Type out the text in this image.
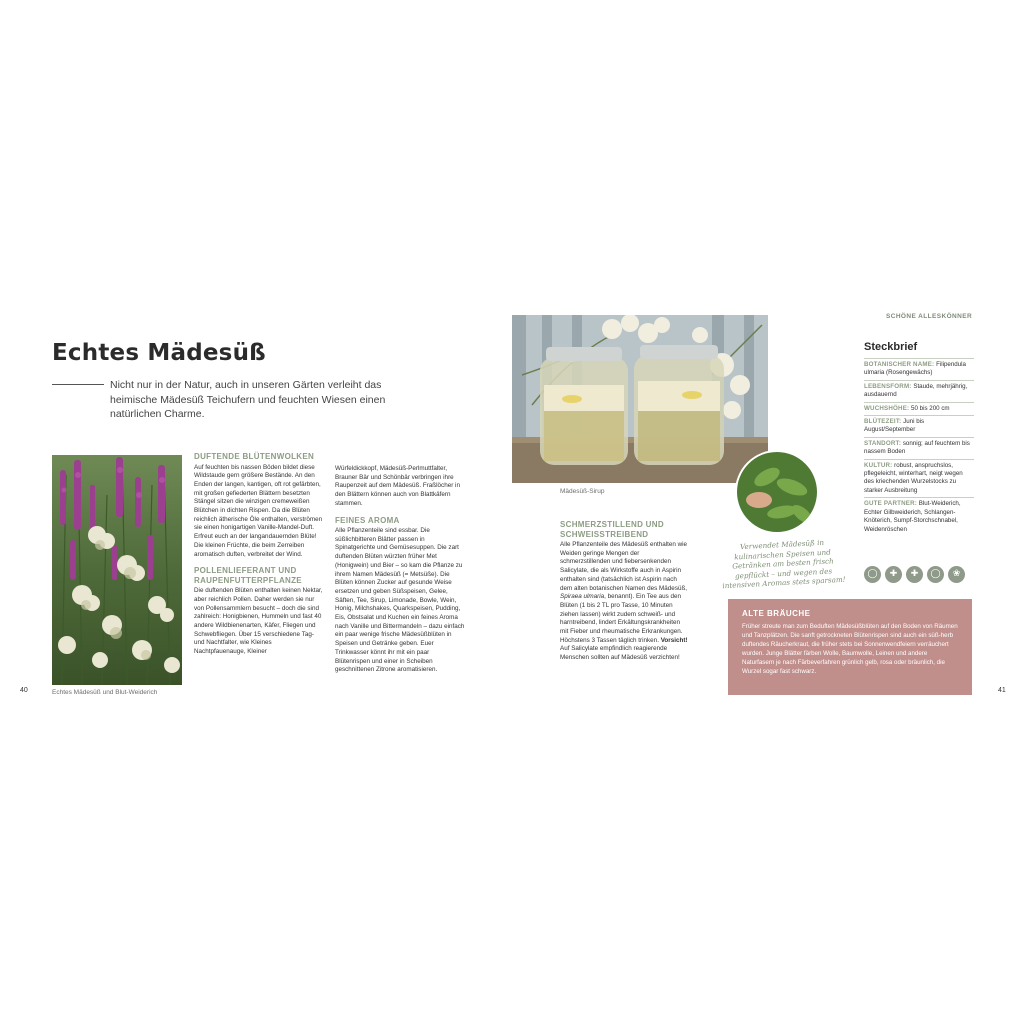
Echtes Mädesüß

Nicht nur in der Natur, auch in unseren Gärten verleiht das heimische Mädesüß Teichufern und feuchten Wiesen einen natürlichen Charme.

Echtes Mädesüß und Blut-Weiderich
DUFTENDE BLÜTENWOLKEN

Auf feuchten bis nassen Böden bildet diese Wildstaude gern größere Bestände. An den Enden der langen, kantigen, oft rot gefärbten, mit großen gefiederten Blättern besetzten Stängel sitzen die winzigen cremeweißen Blütchen in dichten Rispen. Da die Blüten reichlich ätherische Öle enthalten, verströmen sie einen honigartigen Vanille-Mandel-Duft. Erfreut euch an der langandauernden Blüte! Die kleinen Früchte, die beim Zerreiben aromatisch duften, verbreitet der Wind.

POLLENLIEFERANT UND RAUPENFUTTERPFLANZE

Die duftenden Blüten enthalten keinen Nektar, aber reichlich Pollen. Daher werden sie nur von Pollensammlern besucht – doch die sind zahlreich: Honigbienen, Hummeln und fast 40 andere Wildbienenarten, Käfer, Fliegen und Schwebfliegen. Über 15 verschiedene Tag- und Nachtfalter, wie Kleines Nachtpfauenauge, Kleiner

Würfeldickkopf, Mädesüß-Perlmuttfalter, Brauner Bär und Schönbär verbringen ihre Raupenzeit auf dem Mädesüß. Fraßlöcher in den Blättern können auch von Blattkäfern stammen.

FEINES AROMA

Alle Pflanzenteile sind essbar. Die süßlichbitteren Blätter passen in Spinatgerichte und Gemüsesuppen. Die zart duftenden Blüten würzten früher Met (Honigwein) und Bier – so kam die Pflanze zu ihrem Namen Mädesüß (= Metsüße). Die Blüten können Zucker auf gesunde Weise ersetzen und geben Süßspeisen, Gelee, Säften, Tee, Sirup, Limonade, Bowle, Wein, Honig, Milchshakes, Quarkspeisen, Pudding, Eis, Obstsalat und Kuchen ein feines Aroma nach Vanille und Bittermandeln – dazu einfach ein paar wenige frische Mädesüßblüten in Speisen und Getränke geben. Euer Trinkwasser könnt ihr mit ein paar Blütenrispen und einer in Scheiben geschnittenen Zitrone aromatisieren.

40
SCHÖNE ALLESKÖNNER
Mädesüß-Sirup
SCHMERZSTILLEND UND SCHWEISSTREIBEND

Alle Pflanzenteile des Mädesüß enthalten wie Weiden geringe Mengen der schmerzstillenden und fiebersenkenden Salicylate, die als Wirkstoffe auch in Aspirin enthalten sind (tatsächlich ist Aspirin nach dem alten botanischen Namen des Mädesüß, Spiraea ulmaria, benannt). Ein Tee aus den Blüten (1 bis 2 TL pro Tasse, 10 Minuten ziehen lassen) wirkt zudem schweiß- und harntreibend, lindert Erkältungskrankheiten mit Fieber und rheumatische Erkrankungen. Höchstens 3 Tassen täglich trinken. Vorsicht! Auf Salicylate empfindlich reagierende Menschen sollten auf Mädesüß verzichten!

Verwendet Mädesüß in kulinarischen Speisen und Getränken am besten frisch gepflückt – und wegen des intensiven Aromas stets sparsam!
Steckbrief
BOTANISCHER NAME: Filipendula ulmaria (Rosengewächs)
LEBENSFORM: Staude, mehrjährig, ausdauernd
WUCHSHÖHE: 50 bis 200 cm
BLÜTEZEIT: Juni bis August/September
STANDORT: sonnig; auf feuchtem bis nassem Boden
KULTUR: robust, anspruchslos, pflegeleicht, winterhart, neigt wegen des kriechenden Wurzelstocks zu starker Ausbreitung
GUTE PARTNER: Blut-Weiderich, Echter Gilbweiderich, Schlangen-Knöterich, Sumpf-Storchschnabel, Weidenröschen
◯	✚	✚	◯	❀
ALTE BRÄUCHE
Früher streute man zum Beduften Mädesüßblüten auf den Boden von Räumen und Tanzplätzen. Die sanft getrockneten Blütenrispen sind auch ein süß-herb duftendes Räucherkraut, die früher stets bei Sonnenwendfeiern verräuchert wurden. Junge Blätter färben Wolle, Baumwolle, Leinen und andere Naturfasern je nach Färbeverfahren grünlich gelb, rosa oder bräunlich, die Wurzel sogar fast schwarz.
41
